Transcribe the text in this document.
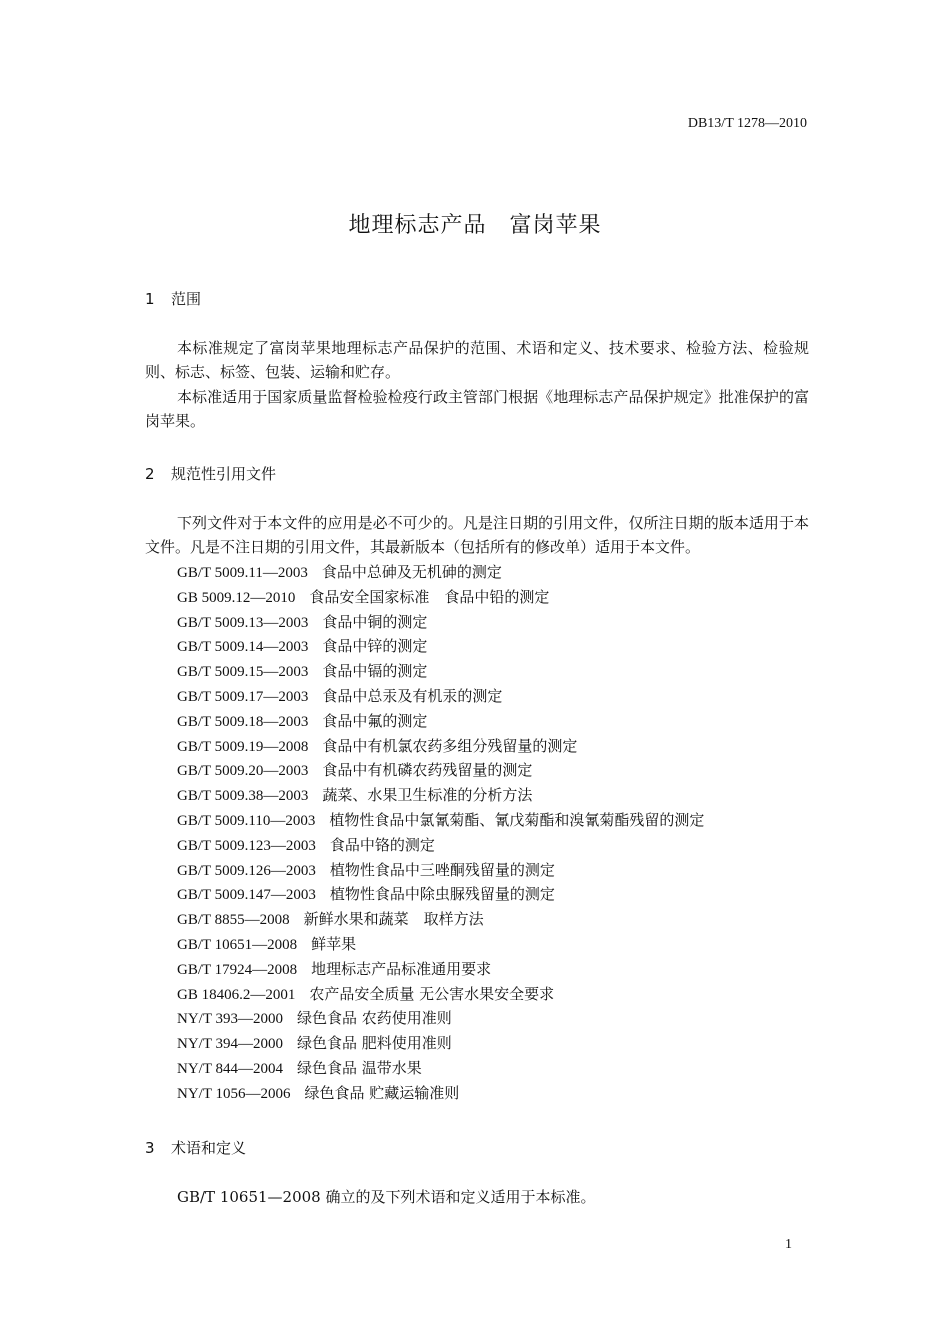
DB13/T 1278—2010
地理标志产品　富岗苹果
1 范围

本标准规定了富岗苹果地理标志产品保护的范围、术语和定义、技术要求、检验方法、检验规则、标志、标签、包装、运输和贮存。

本标准适用于国家质量监督检验检疫行政主管部门根据《地理标志产品保护规定》批准保护的富岗苹果。

2 规范性引用文件

下列文件对于本文件的应用是必不可少的。凡是注日期的引用文件，仅所注日期的版本适用于本文件。凡是不注日期的引用文件，其最新版本（包括所有的修改单）适用于本文件。

GB/T 5009.11—2003 食品中总砷及无机砷的测定
GB 5009.12—2010 食品安全国家标准　食品中铅的测定
GB/T 5009.13—2003 食品中铜的测定
GB/T 5009.14—2003 食品中锌的测定
GB/T 5009.15—2003 食品中镉的测定
GB/T 5009.17—2003 食品中总汞及有机汞的测定
GB/T 5009.18—2003 食品中氟的测定
GB/T 5009.19—2008 食品中有机氯农药多组分残留量的测定
GB/T 5009.20—2003 食品中有机磷农药残留量的测定
GB/T 5009.38—2003 蔬菜、水果卫生标准的分析方法
GB/T 5009.110—2003 植物性食品中氯氰菊酯、氰戊菊酯和溴氰菊酯残留的测定
GB/T 5009.123—2003 食品中铬的测定
GB/T 5009.126—2003 植物性食品中三唑酮残留量的测定
GB/T 5009.147—2003 植物性食品中除虫脲残留量的测定
GB/T 8855—2008 新鲜水果和蔬菜　取样方法
GB/T 10651—2008 鲜苹果
GB/T 17924—2008 地理标志产品标准通用要求
GB 18406.2—2001 农产品安全质量 无公害水果安全要求
NY/T 393—2000 绿色食品 农药使用准则
NY/T 394—2000 绿色食品 肥料使用准则
NY/T 844—2004 绿色食品 温带水果
NY/T 1056—2006 绿色食品 贮藏运输准则
3 术语和定义

GB/T 10651—2008 确立的及下列术语和定义适用于本标准。

1
